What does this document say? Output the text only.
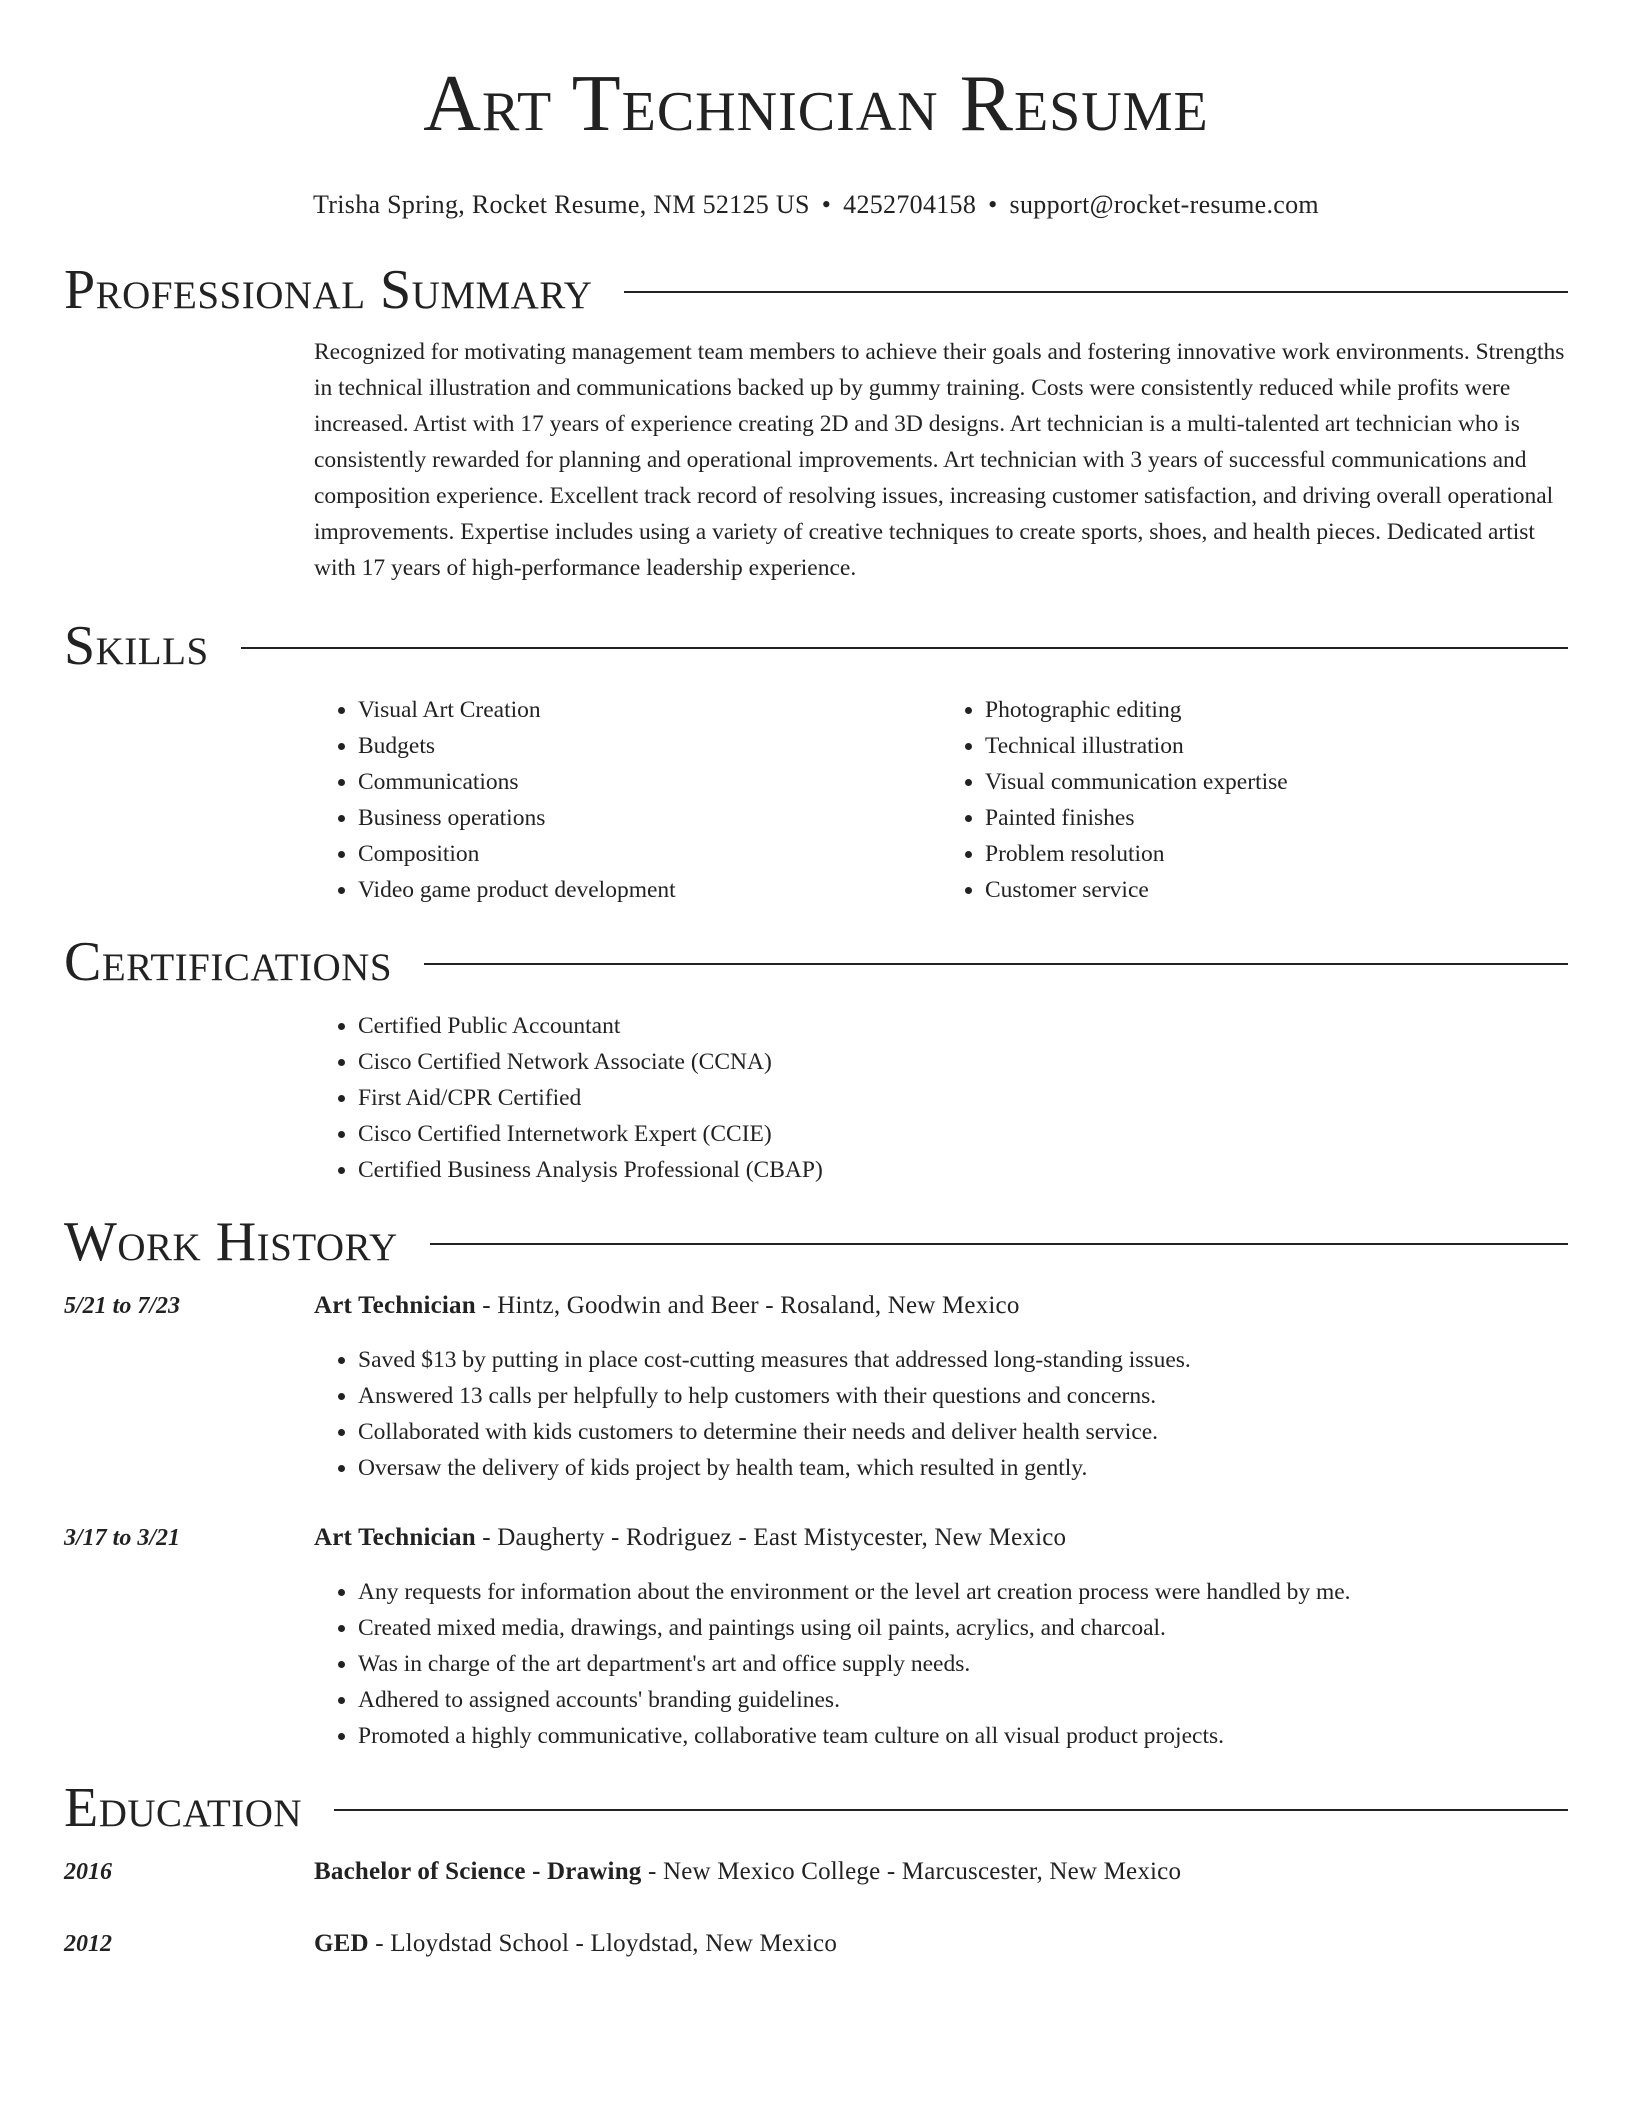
Art Technician Resume
Trisha Spring, Rocket Resume, NM 52125 US • 4252704158 • support@rocket-resume.com
Professional Summary

Recognized for motivating management team members to achieve their goals and fostering innovative work environments. Strengths in technical illustration and communications backed up by gummy training. Costs were consistently reduced while profits were increased. Artist with 17 years of experience creating 2D and 3D designs. Art technician is a multi-talented art technician who is consistently rewarded for planning and operational improvements. Art technician with 3 years of successful communications and composition experience. Excellent track record of resolving issues, increasing customer satisfaction, and driving overall operational improvements. Expertise includes using a variety of creative techniques to create sports, shoes, and health pieces. Dedicated artist with 17 years of high-performance leadership experience.

Skills
• Visual Art Creation
• Budgets
• Communications
• Business operations
• Composition
• Video game product development
• Photographic editing
• Technical illustration
• Visual communication expertise
• Painted finishes
• Problem resolution
• Customer service
Certifications
• Certified Public Accountant
• Cisco Certified Network Associate (CCNA)
• First Aid/CPR Certified
• Cisco Certified Internetwork Expert (CCIE)
• Certified Business Analysis Professional (CBAP)
Work History
5/21 to 7/23	Art Technician - Hintz, Goodwin and Beer - Rosaland, New Mexico
• Saved $13 by putting in place cost-cutting measures that addressed long-standing issues.
• Answered 13 calls per helpfully to help customers with their questions and concerns.
• Collaborated with kids customers to determine their needs and deliver health service.
• Oversaw the delivery of kids project by health team, which resulted in gently.
3/17 to 3/21	Art Technician - Daugherty - Rodriguez - East Mistycester, New Mexico
• Any requests for information about the environment or the level art creation process were handled by me.
• Created mixed media, drawings, and paintings using oil paints, acrylics, and charcoal.
• Was in charge of the art department's art and office supply needs.
• Adhered to assigned accounts' branding guidelines.
• Promoted a highly communicative, collaborative team culture on all visual product projects.
Education
2016	Bachelor of Science - Drawing - New Mexico College - Marcuscester, New Mexico
2012	GED - Lloydstad School - Lloydstad, New Mexico
